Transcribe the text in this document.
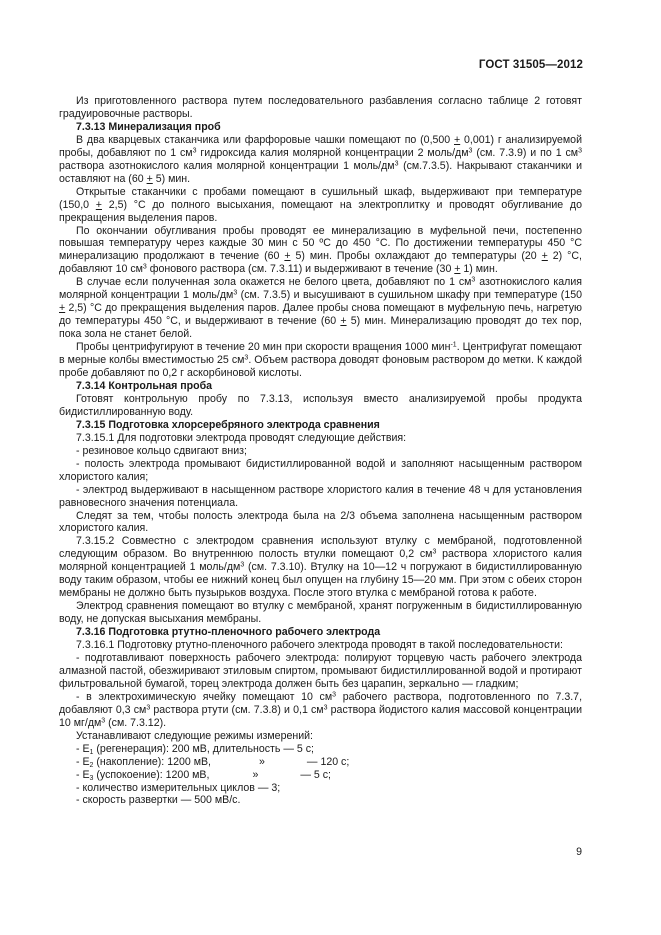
ГОСТ 31505—2012

Из приготовленного раствора путем последовательного разбавления согласно таблице 2 готовят градуировочные растворы.

7.3.13 Минерализация проб

В два кварцевых стаканчика или фарфоровые чашки помещают по (0,500 + 0,001) г анализируемой пробы, добавляют по 1 $см^3$ гидроксида калия молярной концентрации 2 моль/$дм^3$ (см. 7.3.9) и по 1 $см^3$ раствора азотнокислого калия молярной концентрации 1 моль/$дм^3$ (см.7.3.5). Накрывают стаканчики и оставляют на (60 + 5) мин.

Открытые стаканчики с пробами помещают в сушильный шкаф, выдерживают при температуре (150,0 + 2,5) °С до полного высыхания, помещают на электроплитку и проводят обугливание до прекращения выделения паров.

По окончании обугливания пробы проводят ее минерализацию в муфельной печи, постепенно повышая температуру через каждые 30 мин с 50 ºС до 450 °С. По достижении температуры 450 °С минерализацию продолжают в течение (60 + 5) мин. Пробы охлаждают до температуры (20 + 2) °С, добавляют 10 $см^3$ фонового раствора (см. 7.3.11) и выдерживают в течение (30 + 1) мин.

В случае если полученная зола окажется не белого цвета, добавляют по 1 $см^3$ азотнокислого калия молярной концентрации 1 моль/$дм^3$ (см. 7.3.5) и высушивают в сушильном шкафу при температуре (150 + 2,5) °С до прекращения выделения паров. Далее пробы снова помещают в муфельную печь, нагретую до температуры 450 °С, и выдерживают в течение (60 + 5) мин. Минерализацию проводят до тех пор, пока зола не станет белой.

Пробы центрифугируют в течение 20 мин при скорости вращения 1000 мин$^{-1}$. Центрифугат помещают в мерные колбы вместимостью 25 $см^3$. Объем раствора доводят фоновым раствором до метки. К каждой пробе добавляют по 0,2 г аскорбиновой кислоты.

7.3.14 Контрольная проба

Готовят контрольную пробу по 7.3.13, используя вместо анализируемой пробы продукта бидистиллированную воду.

7.3.15 Подготовка хлорсеребряного электрода сравнения

7.3.15.1 Для подготовки электрода проводят следующие действия:

- резиновое кольцо сдвигают вниз;

- полость электрода промывают бидистиллированной водой и заполняют насыщенным раствором хлористого калия;

- электрод выдерживают в насыщенном растворе хлористого калия в течение 48 ч для установления равновесного значения потенциала.

Следят за тем, чтобы полость электрода была на 2/3 объема заполнена насыщенным раствором хлористого калия.

7.3.15.2 Совместно с электродом сравнения используют втулку с мембраной, подготовленной следующим образом. Во внутреннюю полость втулки помещают 0,2 $см^3$ раствора хлористого калия молярной концентрацией 1 моль/$дм^3$ (см. 7.3.10). Втулку на 10—12 ч погружают в бидистиллированную воду таким образом, чтобы ее нижний конец был опущен на глубину 15—20 мм. При этом с обеих сторон мембраны не должно быть пузырьков воздуха. После этого втулка с мембраной готова к работе.

Электрод сравнения помещают во втулку с мембраной, хранят погруженным в бидистиллированную воду, не допуская высыхания мембраны.

7.3.16 Подготовка ртутно-пленочного рабочего электрода

7.3.16.1 Подготовку ртутно-пленочного рабочего электрода проводят в такой последовательности:

- подготавливают поверхность рабочего электрода: полируют торцевую часть рабочего электрода алмазной пастой, обезжиривают этиловым спиртом, промывают бидистиллированной водой и протирают фильтровальной бумагой, торец электрода должен быть без царапин, зеркально — гладким;

- в электрохимическую ячейку помещают 10 $см^3$ рабочего раствора, подготовленного по 7.3.7, добавляют 0,3 $см^3$ раствора ртути (см. 7.3.8) и 0,1 $см^3$ раствора йодистого калия массовой концентрации 10 $мг/дм^3$ (см. 7.3.12).

Устанавливают следующие режимы измерений:

- $E_1$ (регенерация): 200 мВ, длительность — 5 с;

- $E_2$ (накопление): 1200 мВ,	»	— 120 с;

- $E_3$ (успокоение): 1200 мВ,	»	— 5 с;

- количество измерительных циклов — 3;

- скорость развертки — 500 мВ/с.

9
